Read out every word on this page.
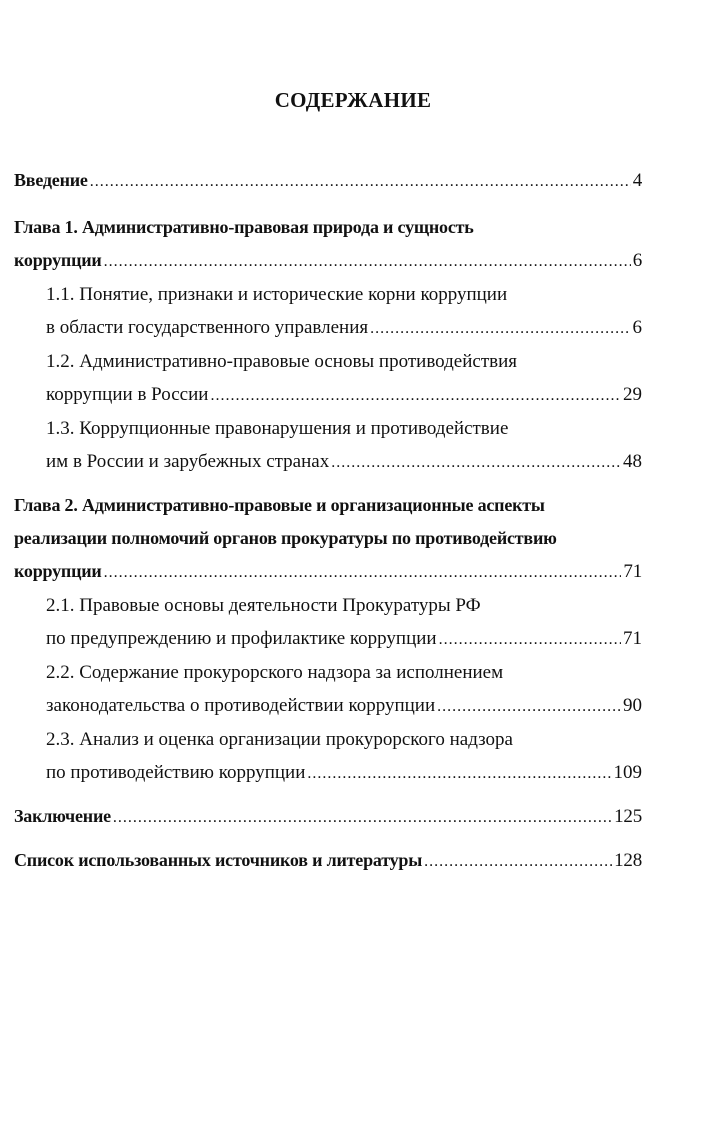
СОДЕРЖАНИЕ
Введение .....	4
Глава 1. Административно-правовая природа и сущность
коррупции .....	6
1.1. Понятие, признаки и исторические корни коррупции
в области государственного управления .....	6
1.2. Административно-правовые основы противодействия
коррупции в России .....	29
1.3. Коррупционные правонарушения и противодействие
им в России и зарубежных странах .....	48
Глава 2. Административно-правовые и организационные аспекты
реализации полномочий органов прокуратуры по противодействию
коррупции .....	71
2.1. Правовые основы деятельности Прокуратуры РФ
по предупреждению и профилактике коррупции .....	71
2.2. Содержание прокурорского надзора за исполнением
законодательства о противодействии коррупции .....	90
2.3. Анализ и оценка организации прокурорского надзора
по противодействию коррупции .....	109
Заключение .....	125
Список использованных источников и литературы .....	128
